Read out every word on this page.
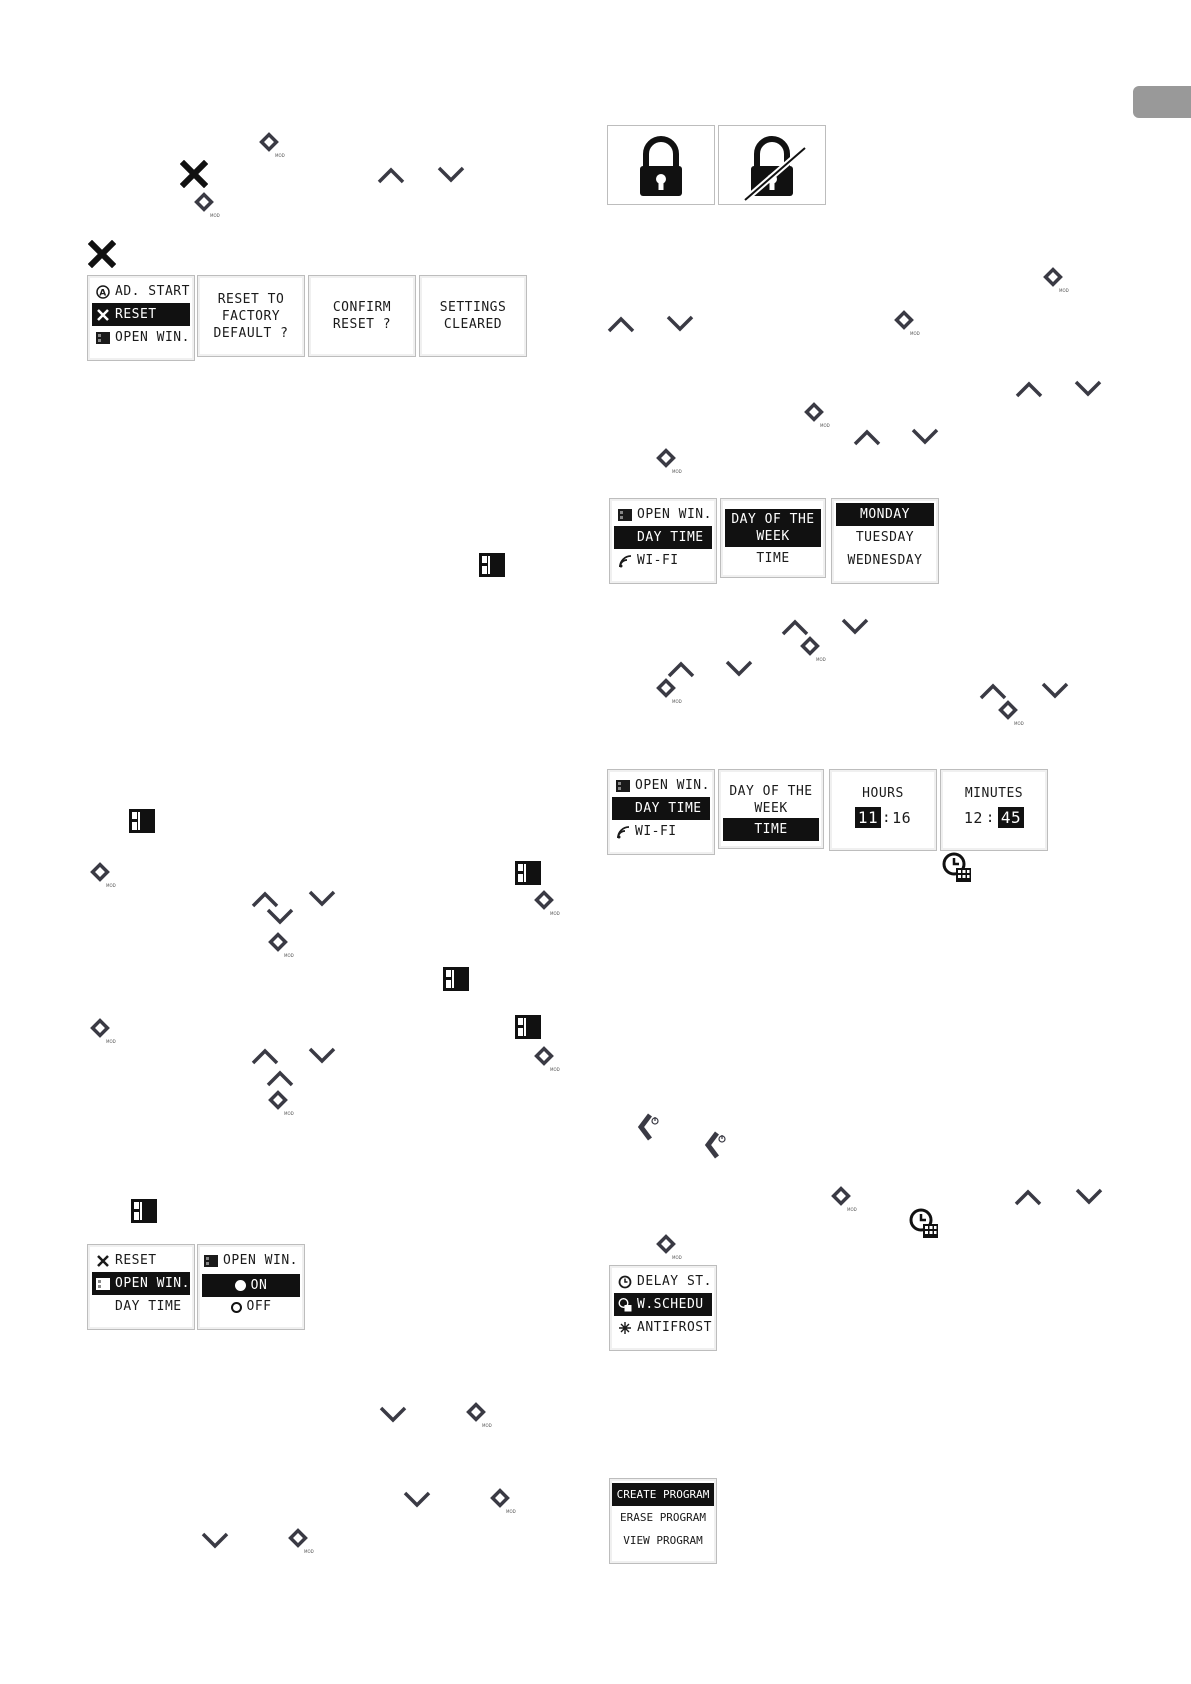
AD. START
RESET
OPEN WIN.
RESET TO FACTORY DEFAULT ?
CONFIRM RESET ?
SETTINGS CLEARED
RESET
OPEN WIN.
DAY TIME
OPEN WIN.
ON
OFF
OPEN WIN.
DAY TIME
WI-FI
DAY OF THE WEEK
TIME
MONDAY
TUESDAY
WEDNESDAY
OPEN WIN.
DAY TIME
WI-FI
DAY OF THE WEEK
TIME
HOURS
11 : 16
MINUTES
12 : 45
DELAY ST.
W.SCHEDU
ANTIFROST
CREATE PROGRAM
ERASE PROGRAM
VIEW PROGRAM
